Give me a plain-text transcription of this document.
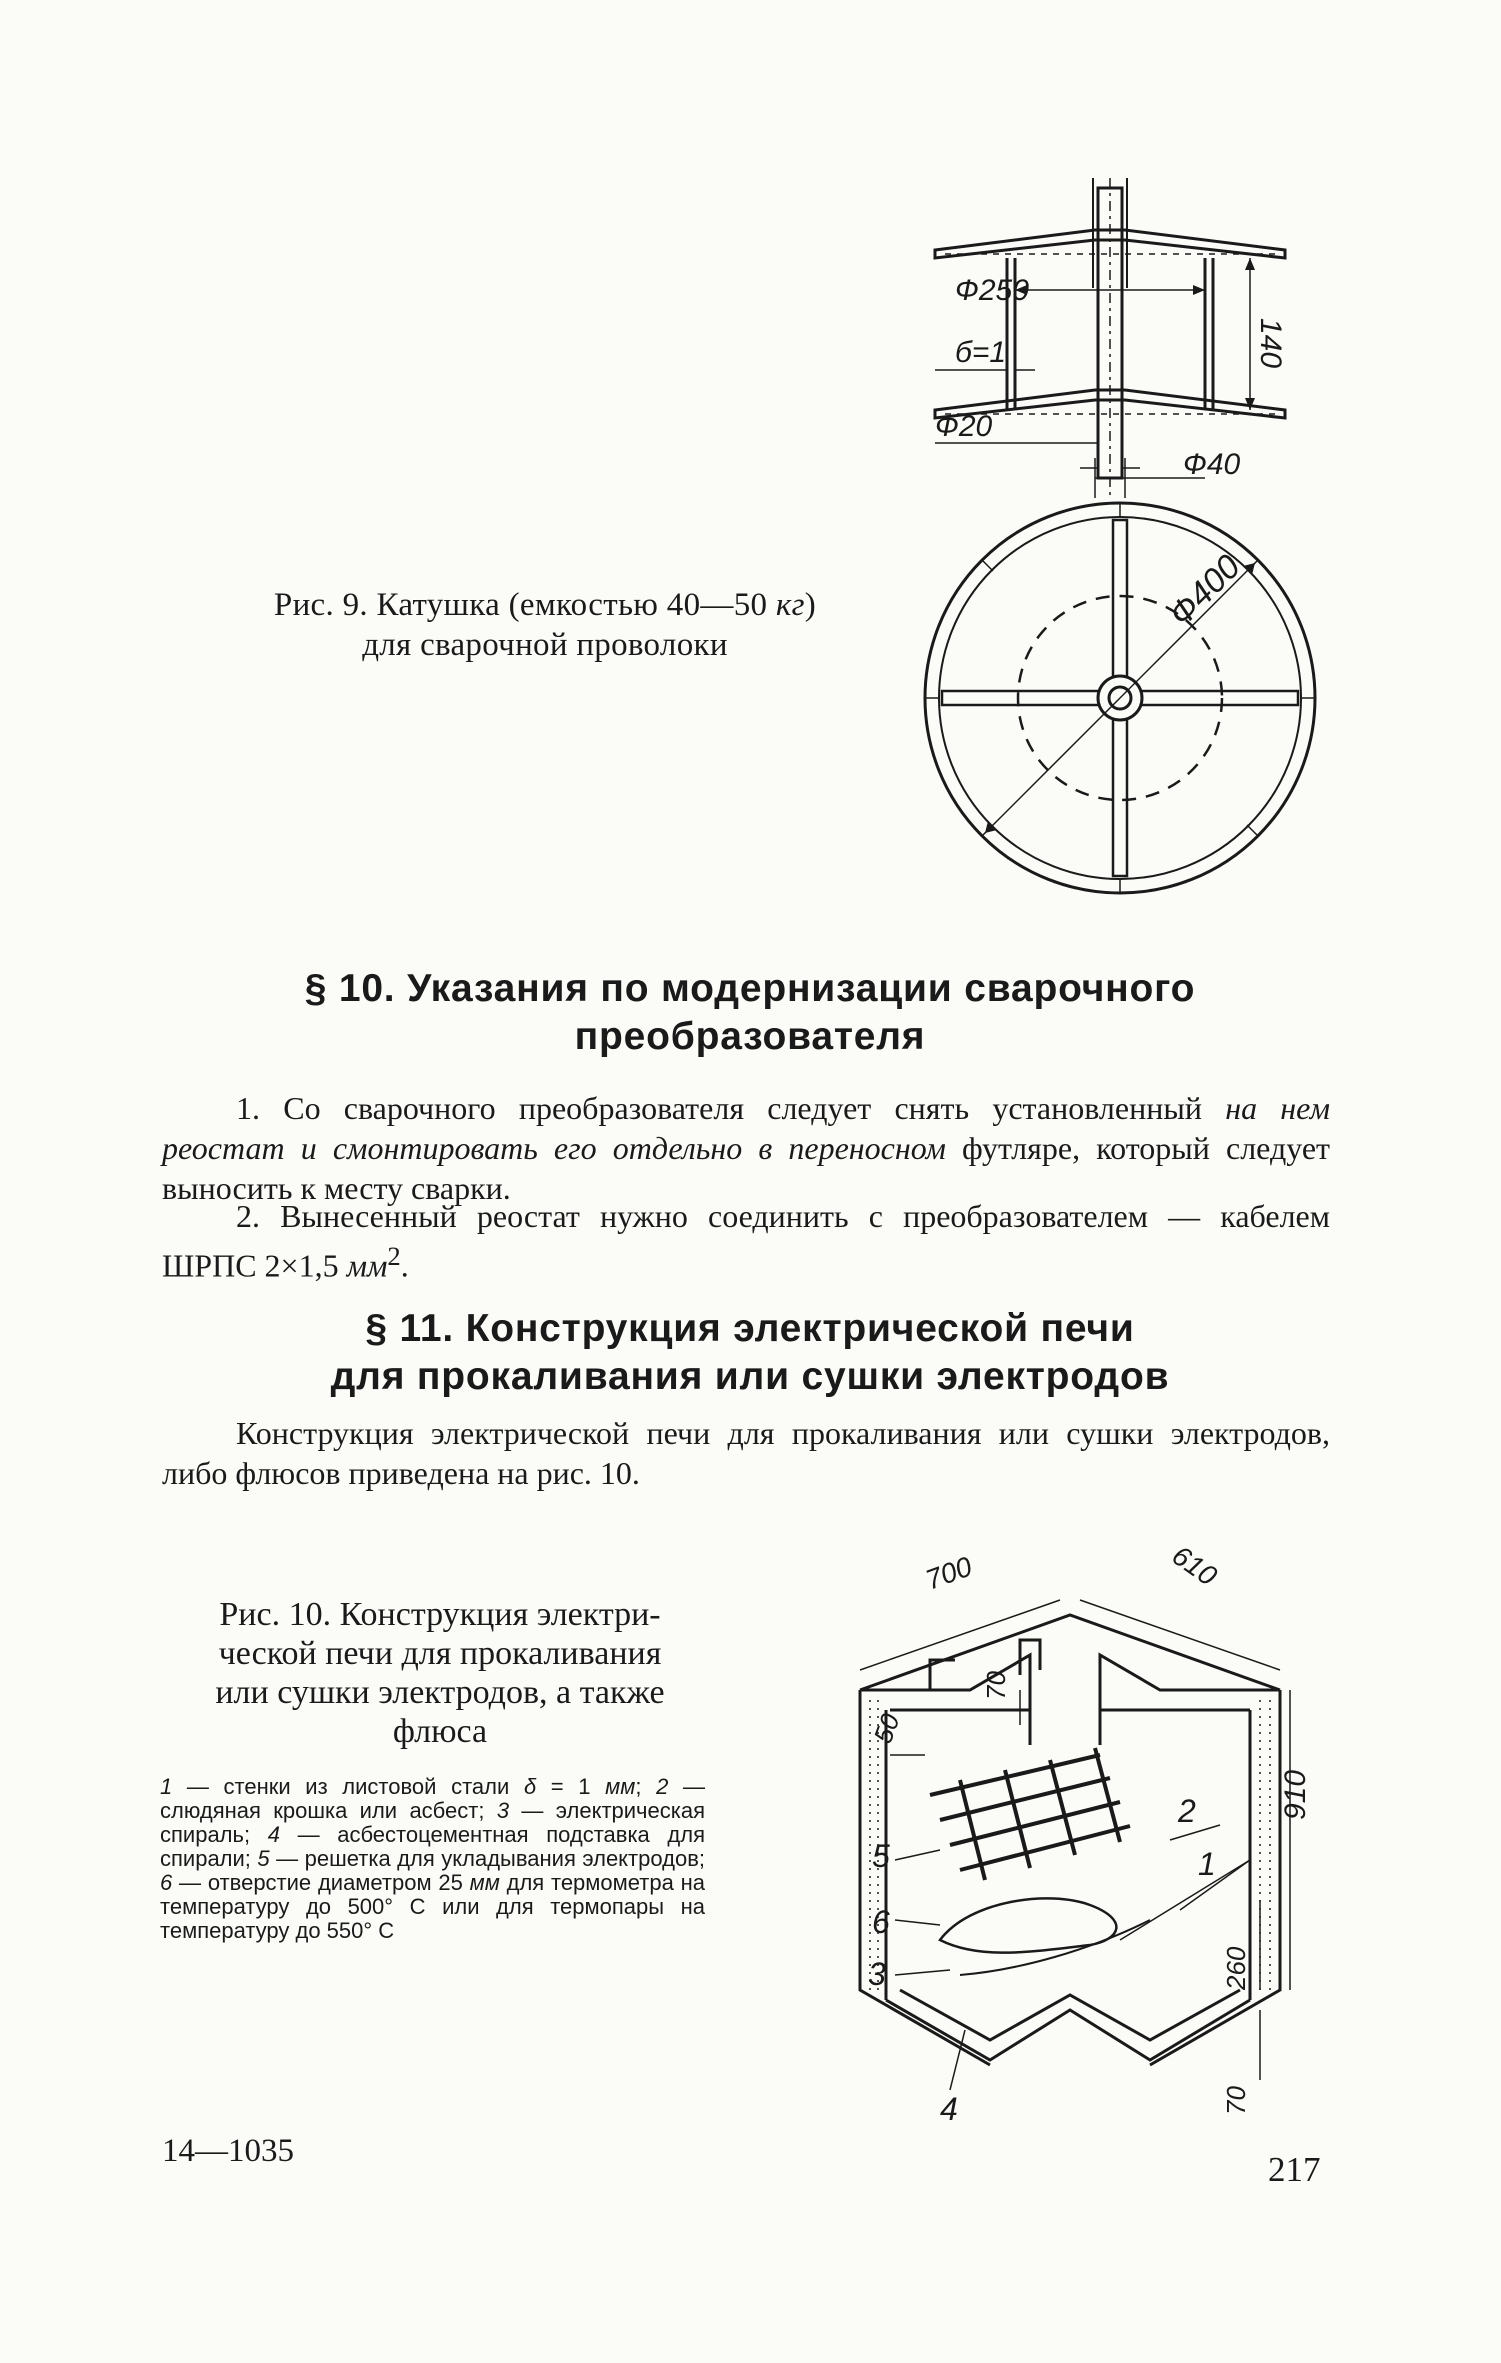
Ф250
б=1	140
Ф20
Ф40
Ф400
Рис. 9. Катушка (емкостью 40—50 кг)
для сварочной проволоки
§ 10. Указания по модернизации сварочного
преобразователя
1. Со сварочного преобразователя следует снять установленный на нем реостат и смонтировать его отдельно в переносном футляре, который следует выносить к месту сварки.
2. Вынесенный реостат нужно соединить с преобразователем — кабелем ШРПС 2×1,5 $мм^2$.
§ 11. Конструкция электрической печи
для прокаливания или сушки электродов
Конструкция электрической печи для прокаливания или сушки электродов, либо флюсов приведена на рис. 10.
Рис. 10. Конструкция электри-
ческой печи для прокаливания
или сушки электродов, а также
флюса
1 — стенки из листовой стали δ = 1 мм; 2 — слюдяная крошка или асбест; 3 — электрическая спираль; 4 — асбестоцементная подставка для спирали; 5 — решетка для укладывания электродов; 6 — отверстие диаметром 25 мм для термометра на температуру до 500° С или для термопары на температуру до 550° С
700	610
70
50
910
260
70
1
2
3
4
5
6
14—1035	217
